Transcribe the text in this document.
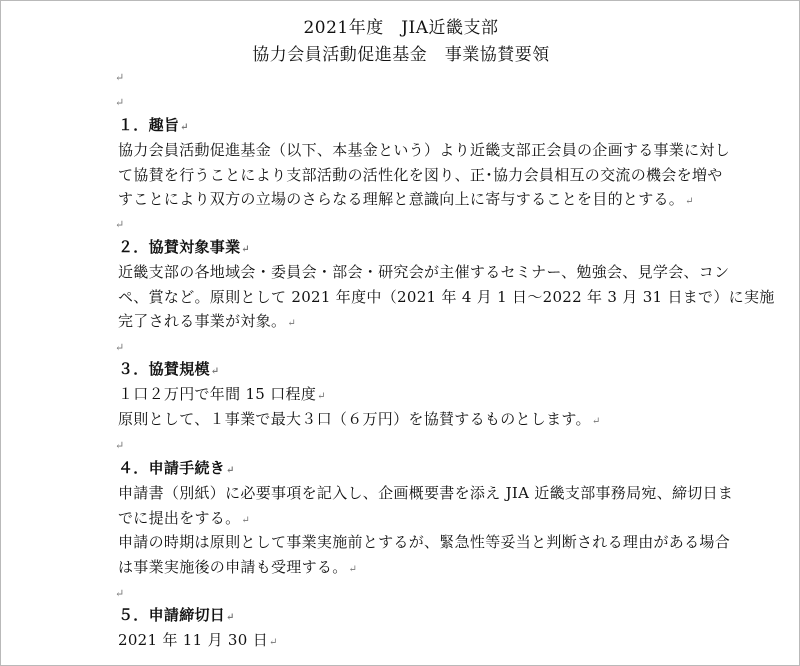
2021年度　JIA近畿支部
協力会員活動促進基金　事業協賛要領
↵
↵
１．趣旨↵
協力会員活動促進基金（以下、本基金という）より近畿支部正会員の企画する事業に対し
て協賛を行うことにより支部活動の活性化を図り、正･協力会員相互の交流の機会を増や
すことにより双方の立場のさらなる理解と意識向上に寄与することを目的とする。↵
↵
２．協賛対象事業↵
近畿支部の各地域会・委員会・部会・研究会が主催するセミナー、勉強会、見学会、コン
ペ、賞など。原則として 2021 年度中（2021 年 4 月 1 日～2022 年 3 月 31 日まで）に実施
完了される事業が対象。↵
↵
３．協賛規模↵
１口２万円で年間 15 口程度↵
原則として、１事業で最大３口（６万円）を協賛するものとします。↵
↵
４．申請手続き↵
申請書（別紙）に必要事項を記入し、企画概要書を添え JIA 近畿支部事務局宛、締切日ま
でに提出をする。↵
申請の時期は原則として事業実施前とするが、緊急性等妥当と判断される理由がある場合
は事業実施後の申請も受理する。↵
↵
５．申請締切日↵
2021 年 11 月 30 日↵
